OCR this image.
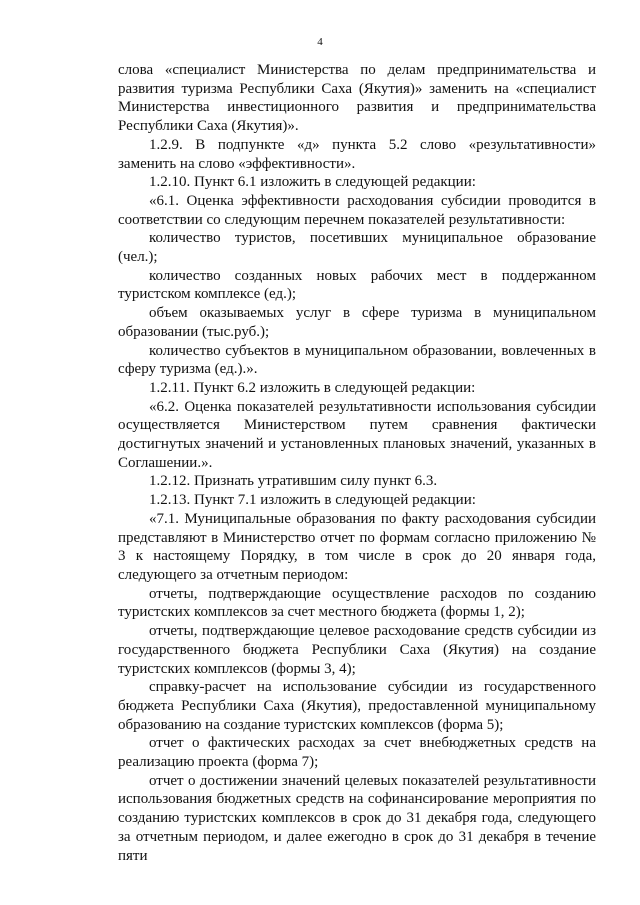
4

слова «специалист Министерства по делам предпринимательства и развития туризма Республики Саха (Якутия)» заменить на «специалист Министерства инвестиционного развития и предпринимательства Республики Саха (Якутия)».

1.2.9. В подпункте «д» пункта 5.2 слово «результативности» заменить на слово «эффективности».

1.2.10. Пункт 6.1 изложить в следующей редакции:

«6.1. Оценка эффективности расходования субсидии проводится в соответствии со следующим перечнем показателей результативности:

количество туристов, посетивших муниципальное образование (чел.);

количество созданных новых рабочих мест в поддержанном туристском комплексе (ед.);

объем оказываемых услуг в сфере туризма в муниципальном образовании (тыс.руб.);

количество субъектов в муниципальном образовании, вовлеченных в сферу туризма (ед.).».

1.2.11. Пункт 6.2 изложить в следующей редакции:

«6.2. Оценка показателей результативности использования субсидии осуществляется Министерством путем сравнения фактически достигнутых значений и установленных плановых значений, указанных в Соглашении.».

1.2.12. Признать утратившим силу пункт 6.3.

1.2.13. Пункт 7.1 изложить в следующей редакции:

«7.1. Муниципальные образования по факту расходования субсидии представляют в Министерство отчет по формам согласно приложению № 3 к настоящему Порядку, в том числе в срок до 20 января года, следующего за отчетным периодом:

отчеты, подтверждающие осуществление расходов по созданию туристских комплексов за счет местного бюджета (формы 1, 2);

отчеты, подтверждающие целевое расходование средств субсидии из государственного бюджета Республики Саха (Якутия) на создание туристских комплексов (формы 3, 4);

справку-расчет на использование субсидии из государственного бюджета Республики Саха (Якутия), предоставленной муниципальному образованию на создание туристских комплексов (форма 5);

отчет о фактических расходах за счет внебюджетных средств на реализацию проекта (форма 7);

отчет о достижении значений целевых показателей результативности использования бюджетных средств на софинансирование мероприятия по созданию туристских комплексов в срок до 31 декабря года, следующего за отчетным периодом, и далее ежегодно в срок до 31 декабря в течение пяти
